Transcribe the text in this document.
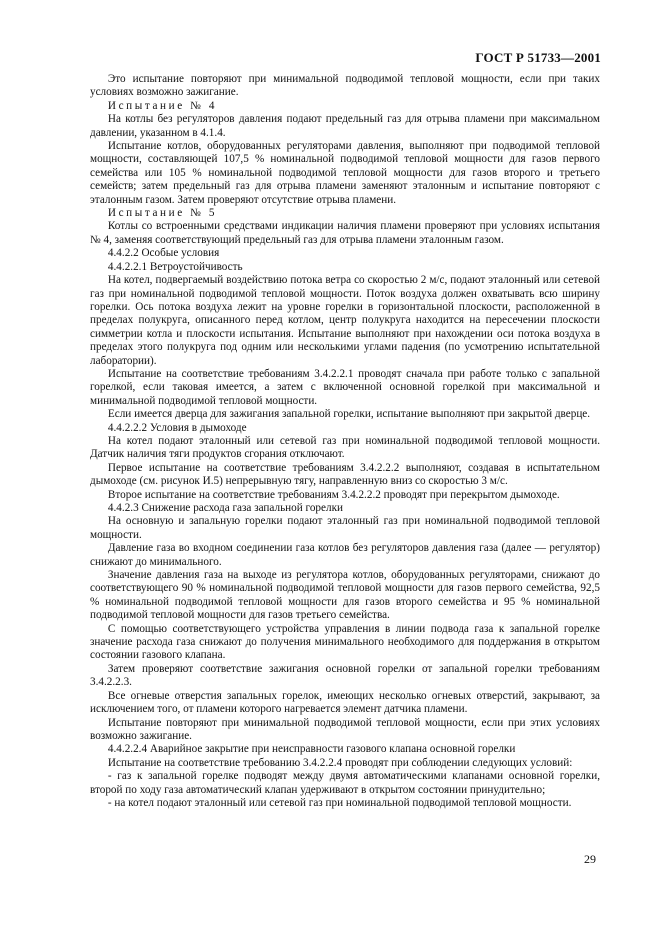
ГОСТ Р 51733—2001

Это испытание повторяют при минимальной подводимой тепловой мощности, если при таких условиях возможно зажигание.

Испытание № 4

На котлы без регуляторов давления подают предельный газ для отрыва пламени при максимальном давлении, указанном в 4.1.4.

Испытание котлов, оборудованных регуляторами давления, выполняют при подводимой тепловой мощности, составляющей 107,5 % номинальной подводимой тепловой мощности для газов первого семейства или 105 % номинальной подводимой тепловой мощности для газов второго и третьего семейств; затем предельный газ для отрыва пламени заменяют эталонным и испытание повторяют с эталонным газом. Затем проверяют отсутствие отрыва пламени.

Испытание № 5

Котлы со встроенными средствами индикации наличия пламени проверяют при условиях испытания № 4, заменяя соответствующий предельный газ для отрыва пламени эталонным газом.

4.4.2.2 Особые условия

4.4.2.2.1 Ветроустойчивость

На котел, подвергаемый воздействию потока ветра со скоростью 2 м/с, подают эталонный или сетевой газ при номинальной подводимой тепловой мощности. Поток воздуха должен охватывать всю ширину горелки. Ось потока воздуха лежит на уровне горелки в горизонтальной плоскости, расположенной в пределах полукруга, описанного перед котлом, центр полукруга находится на пересечении плоскости симметрии котла и плоскости испытания. Испытание выполняют при нахождении оси потока воздуха в пределах этого полукруга под одним или несколькими углами падения (по усмотрению испытательной лаборатории).

Испытание на соответствие требованиям 3.4.2.2.1 проводят сначала при работе только с запальной горелкой, если таковая имеется, а затем с включенной основной горелкой при максимальной и минимальной подводимой тепловой мощности.

Если имеется дверца для зажигания запальной горелки, испытание выполняют при закрытой дверце.

4.4.2.2.2 Условия в дымоходе

На котел подают эталонный или сетевой газ при номинальной подводимой тепловой мощности. Датчик наличия тяги продуктов сгорания отключают.

Первое испытание на соответствие требованиям 3.4.2.2.2 выполняют, создавая в испытательном дымоходе (см. рисунок И.5) непрерывную тягу, направленную вниз со скоростью 3 м/с.

Второе испытание на соответствие требованиям 3.4.2.2.2 проводят при перекрытом дымоходе.

4.4.2.3 Снижение расхода газа запальной горелки

На основную и запальную горелки подают эталонный газ при номинальной подводимой тепловой мощности.

Давление газа во входном соединении газа котлов без регуляторов давления газа (далее — регулятор) снижают до минимального.

Значение давления газа на выходе из регулятора котлов, оборудованных регуляторами, снижают до соответствующего 90 % номинальной подводимой тепловой мощности для газов первого семейства, 92,5 % номинальной подводимой тепловой мощности для газов второго семейства и 95 % номинальной подводимой тепловой мощности для газов третьего семейства.

С помощью соответствующего устройства управления в линии подвода газа к запальной горелке значение расхода газа снижают до получения минимального необходимого для поддержания в открытом состоянии газового клапана.

Затем проверяют соответствие зажигания основной горелки от запальной горелки требованиям 3.4.2.2.3.

Все огневые отверстия запальных горелок, имеющих несколько огневых отверстий, закрывают, за исключением того, от пламени которого нагревается элемент датчика пламени.

Испытание повторяют при минимальной подводимой тепловой мощности, если при этих условиях возможно зажигание.

4.4.2.2.4 Аварийное закрытие при неисправности газового клапана основной горелки

Испытание на соответствие требованию 3.4.2.2.4 проводят при соблюдении следующих условий:

- газ к запальной горелке подводят между двумя автоматическими клапанами основной горелки, второй по ходу газа автоматический клапан удерживают в открытом состоянии принудительно;

- на котел подают эталонный или сетевой газ при номинальной подводимой тепловой мощности.

29
